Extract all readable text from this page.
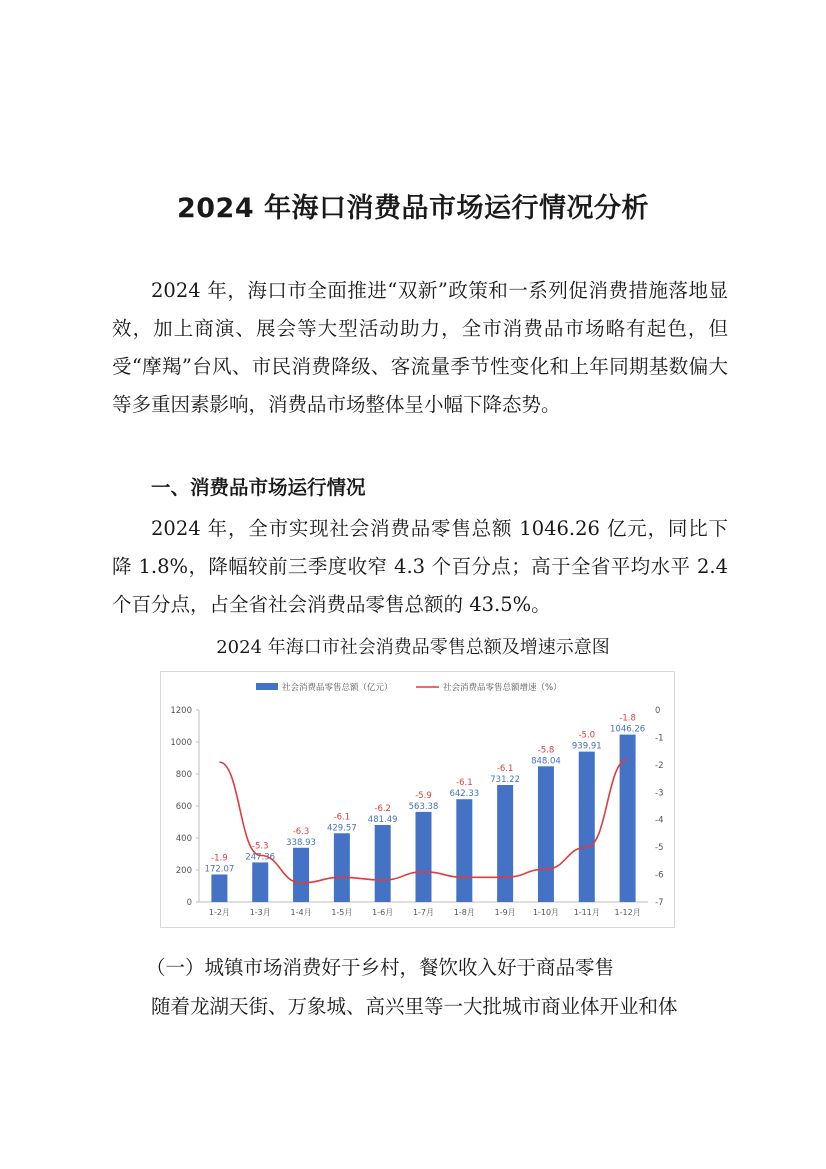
2024 年海口消费品市场运行情况分析

2024 年，海口市全面推进“双新”政策和一系列促消费措施落地显效，加上商演、展会等大型活动助力，全市消费品市场略有起色，但受“摩羯”台风、市民消费降级、客流量季节性变化和上年同期基数偏大等多重因素影响，消费品市场整体呈小幅下降态势。

一、消费品市场运行情况

2024 年，全市实现社会消费品零售总额 1046.26 亿元，同比下降 1.8%，降幅较前三季度收窄 4.3 个百分点；高于全省平均水平 2.4 个百分点，占全省社会消费品零售总额的 43.5%。

2024 年海口市社会消费品零售总额及增速示意图
社会消费品零售总额（亿元）	社会消费品零售总额增速（%）
0
200
400
600
800
1000
1200	0
-1
-2
-3
-4
-5
-6
-7
172.07
1-2月
247.36
1-3月
338.93
1-4月
429.57
1-5月
481.49
1-6月
563.38
1-7月
642.33
1-8月
731.22
1-9月
848.04
1-10月
939.91
1-11月
1046.26
1-12月
-1.9
-5.3
-6.3
-6.1
-6.2
-5.9
-6.1
-6.1
-5.8
-5.0
-1.8
（一）城镇市场消费好于乡村，餐饮收入好于商品零售

随着龙湖天街、万象城、高兴里等一大批城市商业体开业和体
